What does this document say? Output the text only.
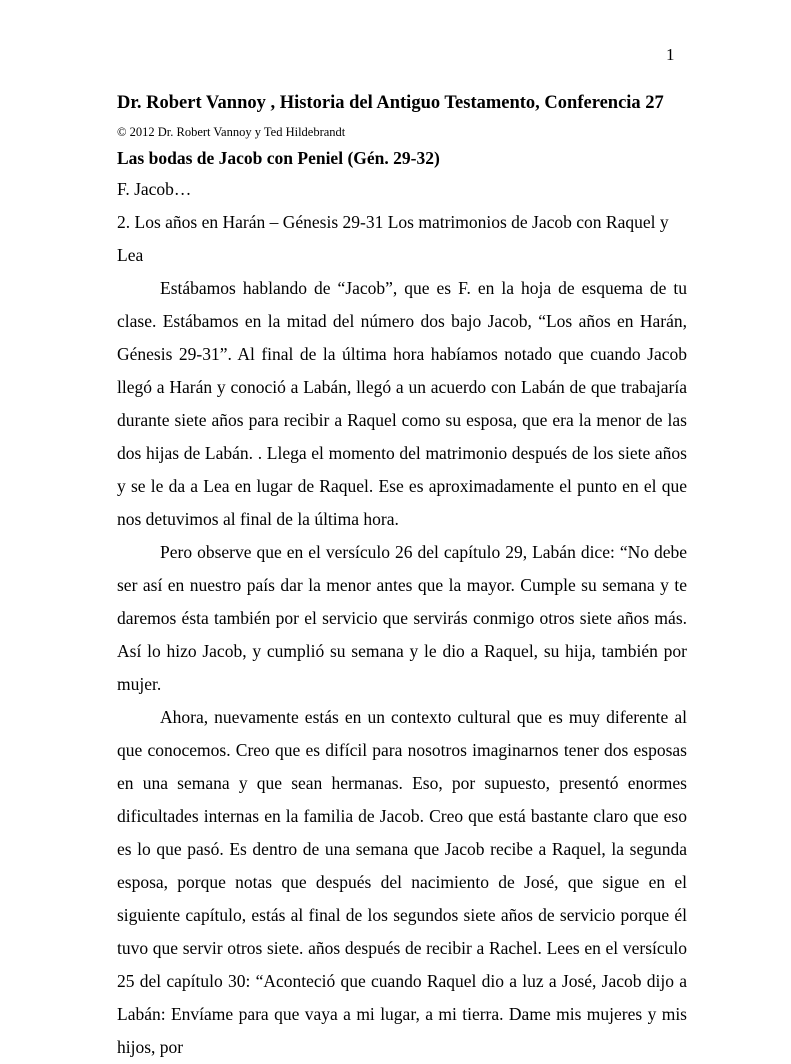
1
Dr. Robert Vannoy , Historia del Antiguo Testamento, Conferencia 27
© 2012 Dr. Robert Vannoy y Ted Hildebrandt
Las bodas de Jacob con Peniel (Gén. 29-32)
F. Jacob…
2. Los años en Harán – Génesis 29-31 Los matrimonios de Jacob con Raquel y Lea

Estábamos hablando de “Jacob”, que es F. en la hoja de esquema de tu clase. Estábamos en la mitad del número dos bajo Jacob, “Los años en Harán, Génesis 29-31”. Al final de la última hora habíamos notado que cuando Jacob llegó a Harán y conoció a Labán, llegó a un acuerdo con Labán de que trabajaría durante siete años para recibir a Raquel como su esposa, que era la menor de las dos hijas de Labán. . Llega el momento del matrimonio después de los siete años y se le da a Lea en lugar de Raquel. Ese es aproximadamente el punto en el que nos detuvimos al final de la última hora.

Pero observe que en el versículo 26 del capítulo 29, Labán dice: “No debe ser así en nuestro país dar la menor antes que la mayor. Cumple su semana y te daremos ésta también por el servicio que servirás conmigo otros siete años más. Así lo hizo Jacob, y cumplió su semana y le dio a Raquel, su hija, también por mujer.

Ahora, nuevamente estás en un contexto cultural que es muy diferente al que conocemos. Creo que es difícil para nosotros imaginarnos tener dos esposas en una semana y que sean hermanas. Eso, por supuesto, presentó enormes dificultades internas en la familia de Jacob. Creo que está bastante claro que eso es lo que pasó. Es dentro de una semana que Jacob recibe a Raquel, la segunda esposa, porque notas que después del nacimiento de José, que sigue en el siguiente capítulo, estás al final de los segundos siete años de servicio porque él tuvo que servir otros siete. años después de recibir a Rachel. Lees en el versículo 25 del capítulo 30: “Aconteció que cuando Raquel dio a luz a José, Jacob dijo a Labán: Envíame para que vaya a mi lugar, a mi tierra. Dame mis mujeres y mis hijos, por
